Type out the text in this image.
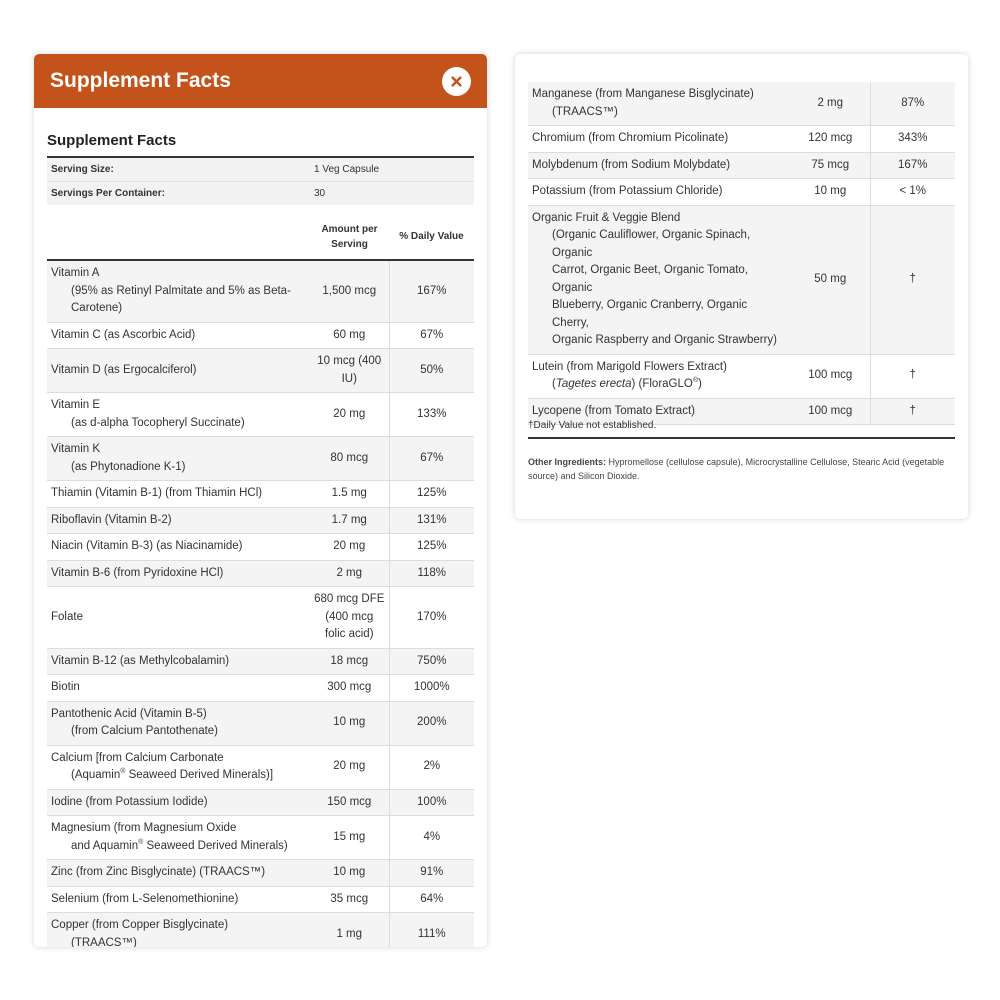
Supplement Facts
Supplement Facts
Serving Size:	1 Veg Capsule
Servings Per Container:	30
	Amount per Serving	% Daily Value
Vitamin A
(95% as Retinyl Palmitate and 5% as Beta-Carotene)	1,500 mcg	167%
Vitamin C (as Ascorbic Acid)	60 mg	67%
Vitamin D (as Ergocalciferol)	10 mcg (400 IU)	50%
Vitamin E
(as d-alpha Tocopheryl Succinate)	20 mg	133%
Vitamin K
(as Phytonadione K-1)	80 mcg	67%
Thiamin (Vitamin B-1) (from Thiamin HCl)	1.5 mg	125%
Riboflavin (Vitamin B-2)	1.7 mg	131%
Niacin (Vitamin B-3) (as Niacinamide)	20 mg	125%
Vitamin B-6 (from Pyridoxine HCl)	2 mg	118%
Folate	680 mcg DFE (400 mcg folic acid)	170%
Vitamin B-12 (as Methylcobalamin)	18 mcg	750%
Biotin	300 mcg	1000%
Pantothenic Acid (Vitamin B-5)
(from Calcium Pantothenate)	10 mg	200%
Calcium [from Calcium Carbonate
(Aquamin® Seaweed Derived Minerals)]	20 mg	2%
Iodine (from Potassium Iodide)	150 mcg	100%
Magnesium (from Magnesium Oxide
and Aquamin® Seaweed Derived Minerals)	15 mg	4%
Zinc (from Zinc Bisglycinate) (TRAACS™)	10 mg	91%
Selenium (from L-Selenomethionine)	35 mcg	64%
Copper (from Copper Bisglycinate)
(TRAACS™)	1 mg	111%
Manganese (from Manganese Bisglycinate)
(TRAACS™)	2 mg	87%
Chromium (from Chromium Picolinate)	120 mcg	343%
Molybdenum (from Sodium Molybdate)	75 mcg	167%
Potassium (from Potassium Chloride)	10 mg	< 1%
Organic Fruit & Veggie Blend
(Organic Cauliflower, Organic Spinach, Organic
Carrot, Organic Beet, Organic Tomato, Organic
Blueberry, Organic Cranberry, Organic Cherry,
Organic Raspberry and Organic Strawberry)	50 mg	†
Lutein (from Marigold Flowers Extract)
(Tagetes erecta) (FloraGLO®)	100 mcg	†
Lycopene (from Tomato Extract)	100 mcg	†
†Daily Value not established.
Other Ingredients: Hypromellose (cellulose capsule), Microcrystalline Cellulose, Stearic Acid (vegetable source) and Silicon Dioxide.
